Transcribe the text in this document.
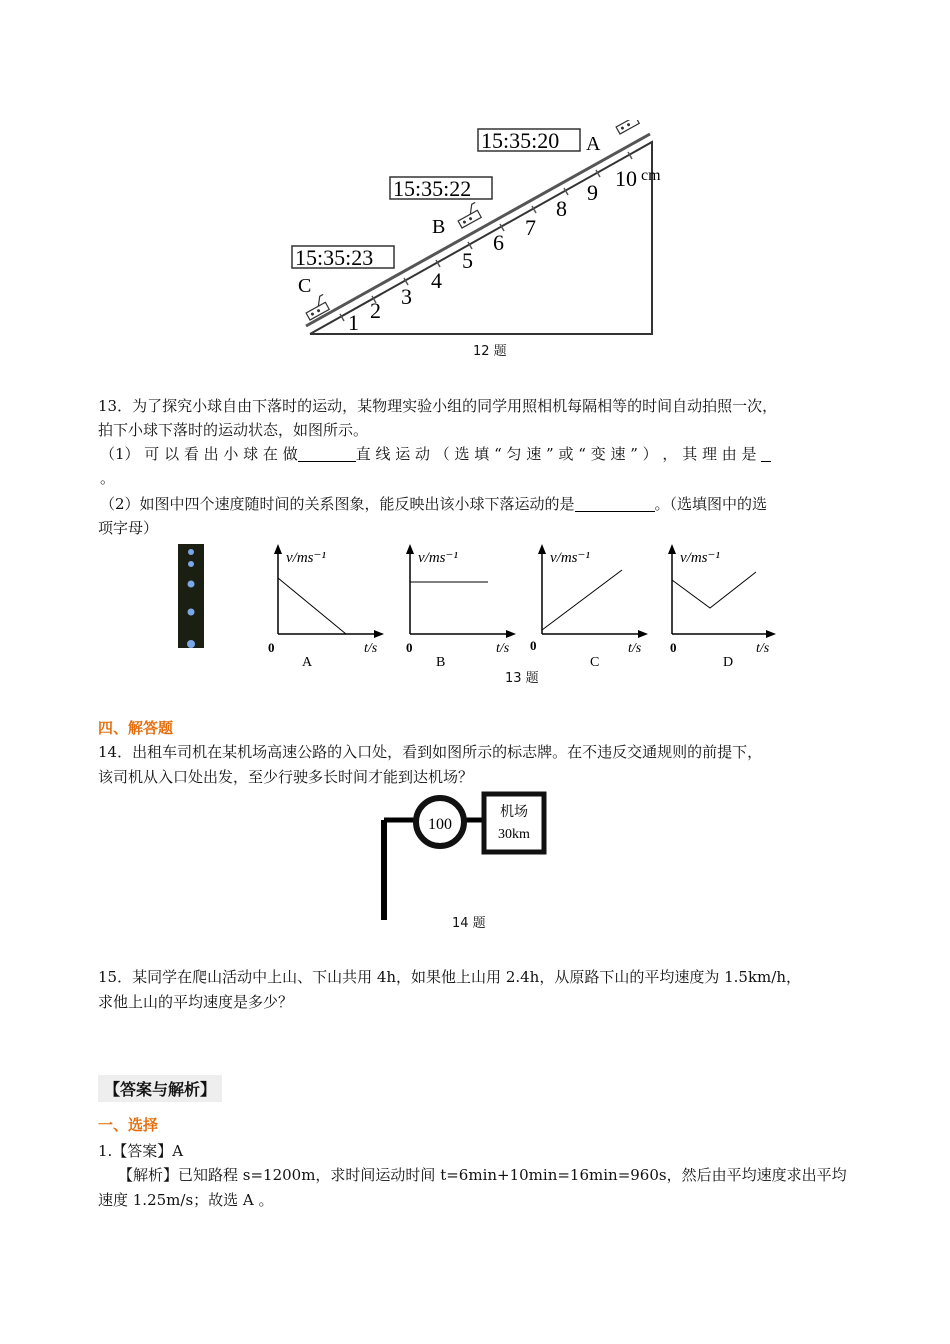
1 2
3
4
5
6
7
8
9
10 cm
15:35:20 A
15:35:22
B
15:35:23
C
12 题
13．为了探究小球自由下落时的运动，某物理实验小组的同学用照相机每隔相等的时间自动拍照一次，
拍下小球下落时的运动状态，如图所示。
（1） 可 以 看 出 小 球 在 做	直 线 运 动 （ 选 填 “ 匀 速 ” 或 “ 变 速 ” ） ， 其 理 由 是
。
（2）如图中四个速度随时间的关系图象，能反映出该小球下落运动的是	。（选填图中的选
项字母）
v/ms⁻¹
t/s
0
A
v/ms⁻¹
t/s
0
B
v/ms⁻¹
t/s
0
C
v/ms⁻¹
t/s
0
D
13 题
四、解答题
14．出租车司机在某机场高速公路的入口处，看到如图所示的标志牌。在不违反交通规则的前提下，
该司机从入口处出发，至少行驶多长时间才能到达机场？
100
机场
30km
14 题
15．某同学在爬山活动中上山、下山共用 4h，如果他上山用 2.4h，从原路下山的平均速度为 1.5km/h，
求他上山的平均速度是多少？
【答案与解析】
一、选择
1.【答案】A
【解析】已知路程 s=1200m，求时间运动时间 t=6min+10min=16min=960s，然后由平均速度求出平均
速度 1.25m/s；故选 A 。
